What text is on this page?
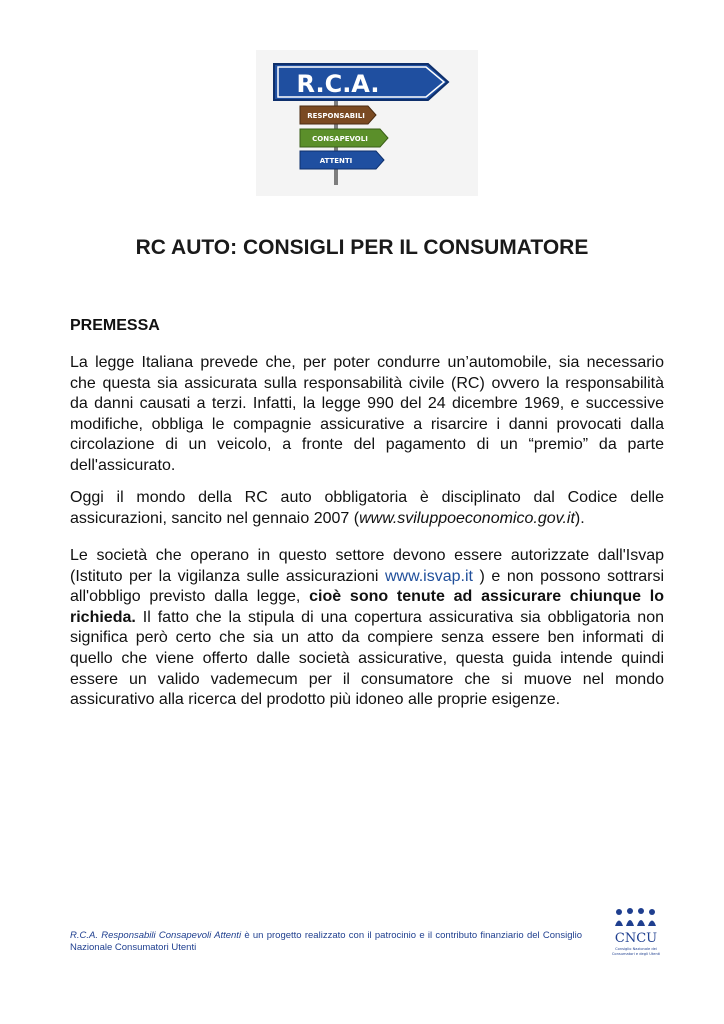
R.C.A.
RESPONSABILI
CONSAPEVOLI
ATTENTI
RC AUTO: CONSIGLI PER IL CONSUMATORE
PREMESSA

La legge Italiana prevede che, per poter condurre un’automobile, sia necessario che questa sia assicurata sulla responsabilità civile (RC) ovvero la responsabilità da danni causati a terzi. Infatti, la legge 990 del 24 dicembre 1969, e successive modifiche, obbliga le compagnie assicurative a risarcire i danni provocati dalla circolazione di un veicolo, a fronte del pagamento di un “premio” da parte dell'assicurato.

Oggi il mondo della RC auto obbligatoria è disciplinato dal Codice delle assicurazioni, sancito nel gennaio 2007 (www.sviluppoeconomico.gov.it).

Le società che operano in questo settore devono essere autorizzate dall'Isvap (Istituto per la vigilanza sulle assicurazioni www.isvap.it ) e non possono sottrarsi all'obbligo previsto dalla legge, cioè sono tenute ad assicurare chiunque lo richieda. Il fatto che la stipula di una copertura assicurativa sia obbligatoria non significa però certo che sia un atto da compiere senza essere ben informati di quello che viene offerto dalle società assicurative, questa guida intende quindi essere un valido vademecum per il consumatore che si muove nel mondo assicurativo alla ricerca del prodotto più idoneo alle proprie esigenze.

R.C.A. Responsabili Consapevoli Attenti è un progetto realizzato con il patrocinio e il contributo finanziario del Consiglio Nazionale Consumatori Utenti

CNCU
Consiglio Nazionale dei
Consumatori e degli Utenti
